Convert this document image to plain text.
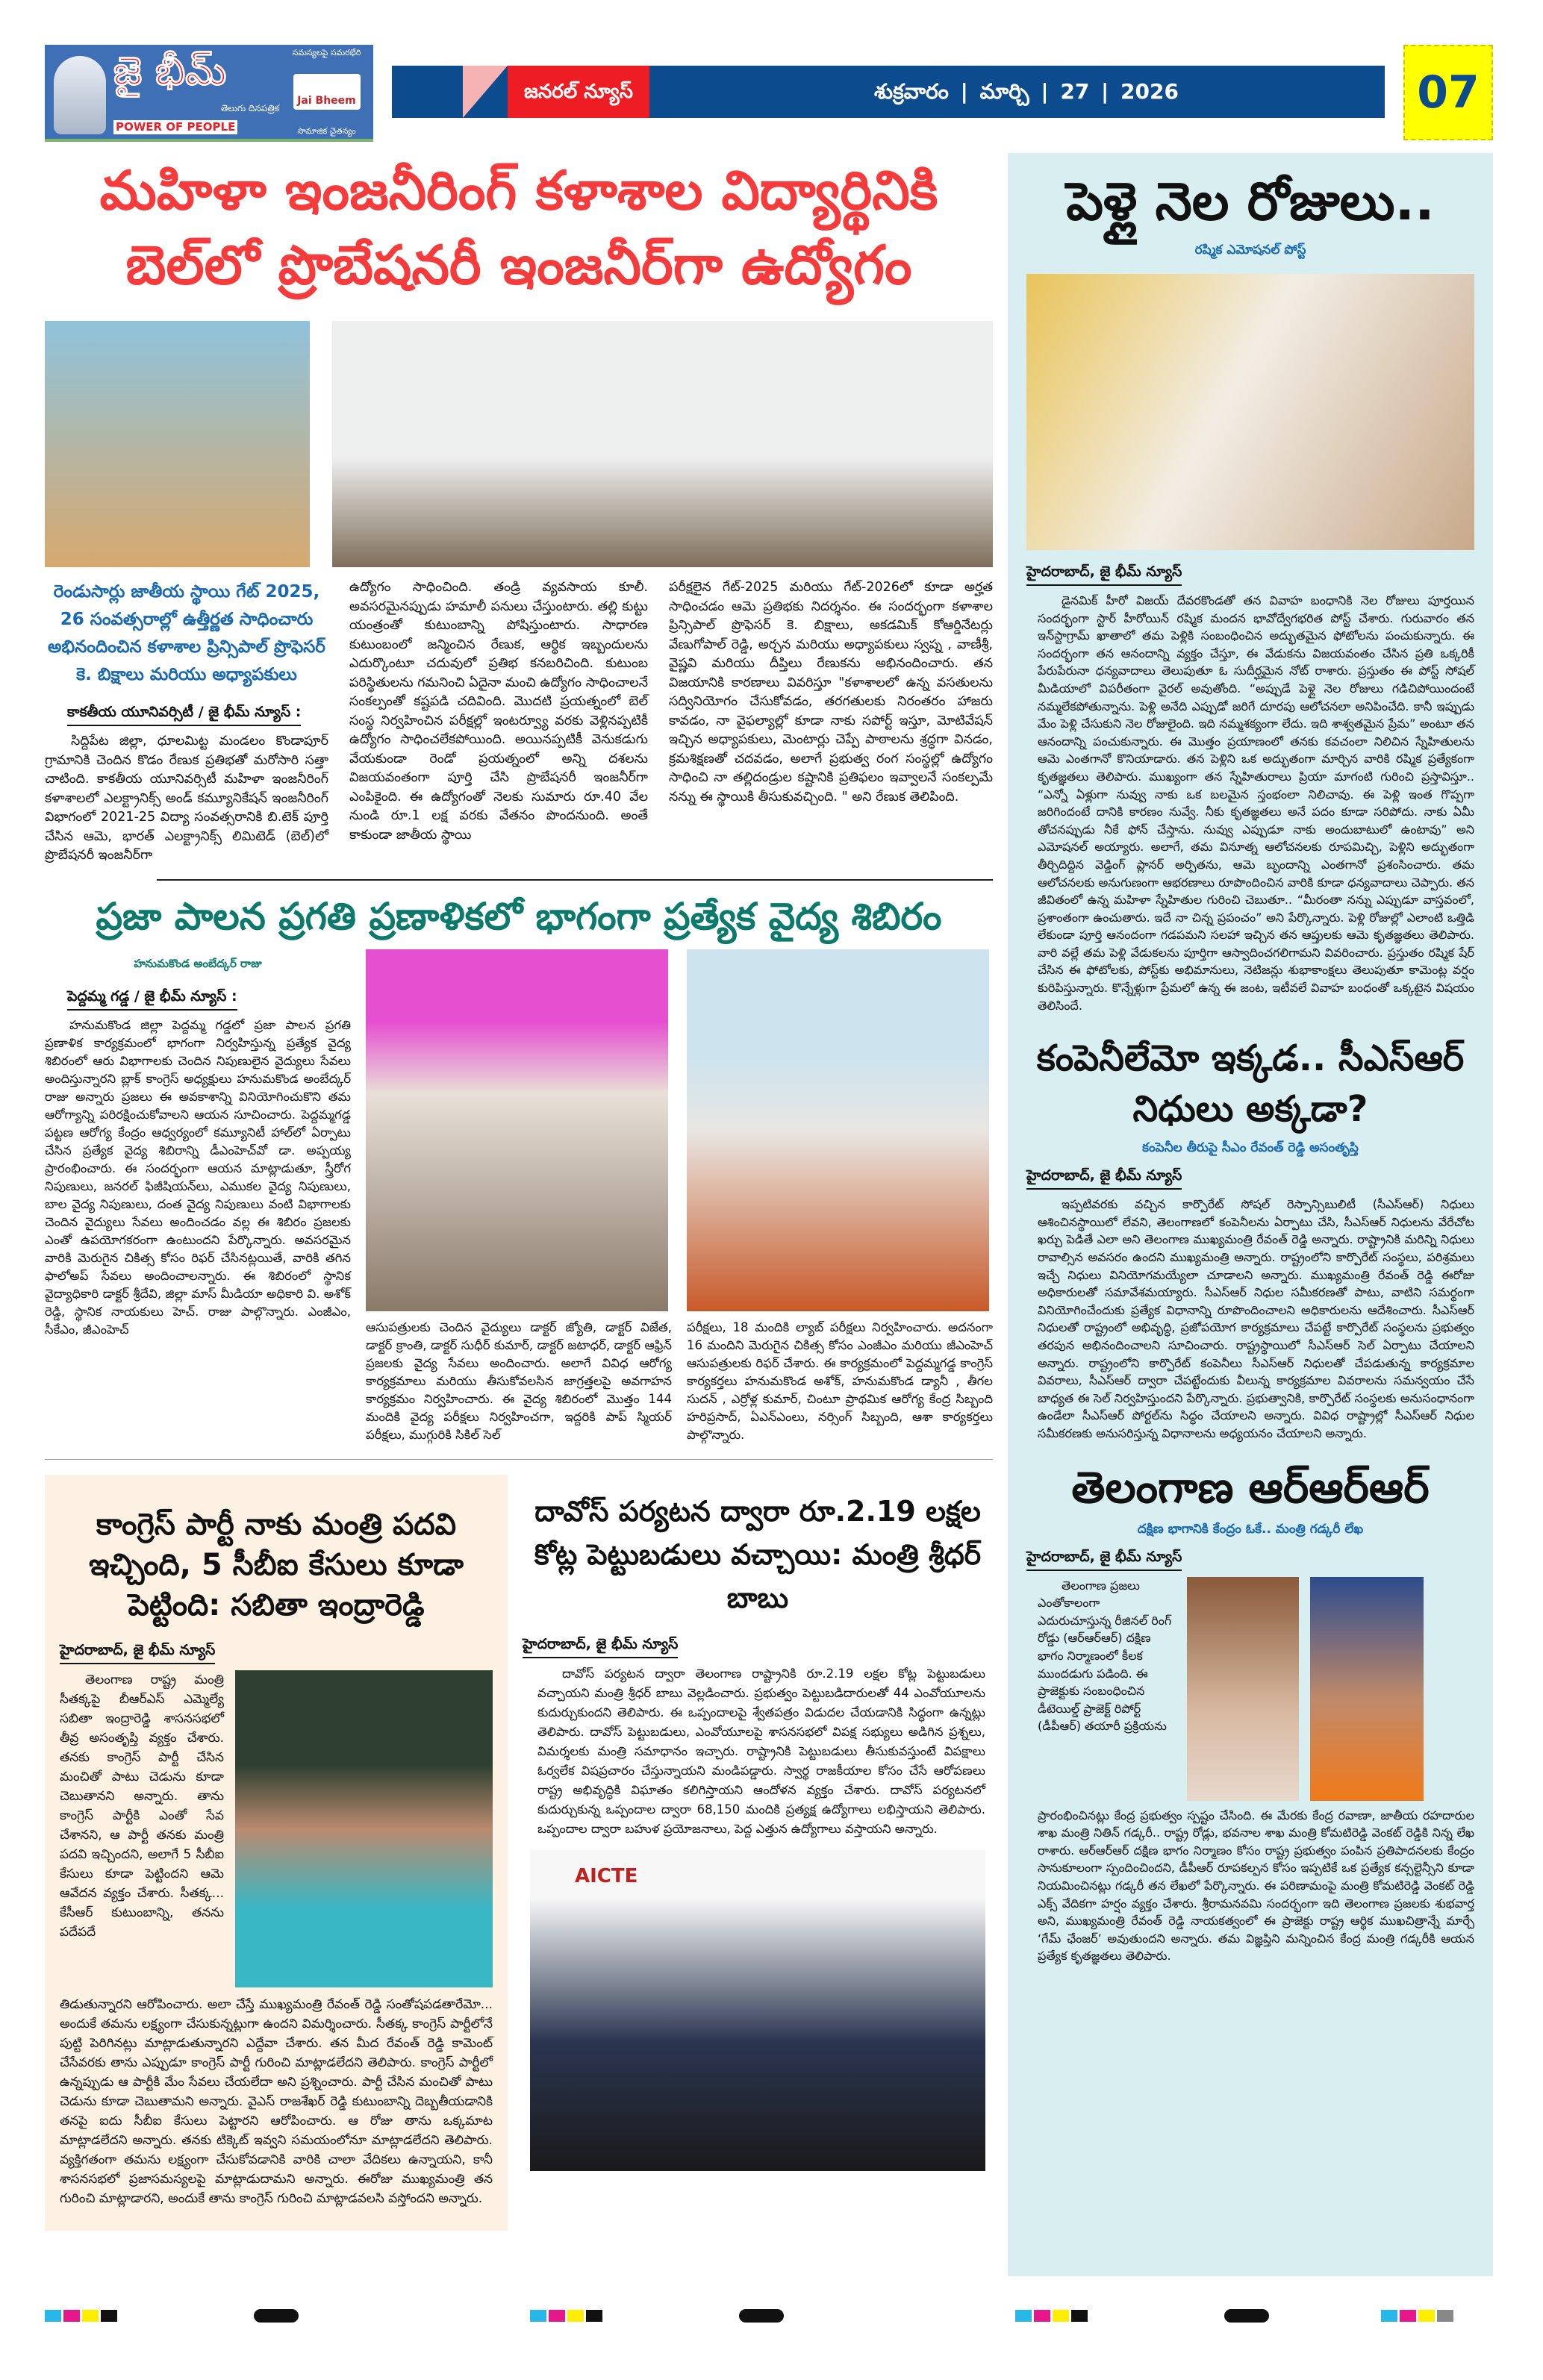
జై భీమ్
తెలుగు దినపత్రిక
POWER OF PEOPLE
సమస్యలపై సమరభేరి
Jai Bheem
సామాజిక చైతన్యం
జనరల్ న్యూస్	శుక్రవారం | మార్చి | 27 | 2026	07
మహిళా ఇంజనీరింగ్ కళాశాల విద్యార్థినికి
బెల్‌లో ప్రొబేషనరీ ఇంజనీర్‌గా ఉద్యోగం
రెండుసార్లు జాతీయ స్థాయి గేట్ 2025, 26 సంవత్సరాల్లో ఉత్తీర్ణత సాధించారు అభినందించిన కళాశాల ప్రిన్సిపాల్ ప్రొఫెసర్ కె. బిక్షాలు మరియు అధ్యాపకులు
కాకతీయ యూనివర్సిటీ / జై భీమ్ న్యూస్ :

సిద్దిపేట జిల్లా, ధూలమిట్ట మండలం కొండాపూర్ గ్రామానికి చెందిన కొడం రేణుక ప్రతిభతో మరోసారి సత్తా చాటింది. కాకతీయ యూనివర్సిటీ మహిళా ఇంజనీరింగ్ కళాశాలలో ఎలక్ట్రానిక్స్ అండ్ కమ్యూనికేషన్ ఇంజనీరింగ్ విభాగంలో 2021-25 విద్యా సంవత్సరానికి బి.టెక్ పూర్తి చేసిన ఆమె, భారత్ ఎలక్ట్రానిక్స్ లిమిటెడ్ (బెల్)లో ప్రొబేషనరీ ఇంజనీర్‌గా

ఉద్యోగం సాధించింది. తండ్రి వ్యవసాయ కూలీ. అవసరమైనప్పుడు హమాలీ పనులు చేస్తుంటారు. తల్లి కుట్టు యంత్రంతో కుటుంబాన్ని పోషిస్తుంటారు. సాధారణ కుటుంబంలో జన్మించిన రేణుక, ఆర్థిక ఇబ్బందులను ఎదుర్కొంటూ చదువులో ప్రతిభ కనబరిచింది. కుటుంబ పరిస్థితులను గమనించి ఏదైనా మంచి ఉద్యోగం సాధించాలనే సంకల్పంతో కష్టపడి చదివింది. మొదటి ప్రయత్నంలో బెల్ సంస్థ నిర్వహించిన పరీక్షల్లో ఇంటర్వ్యూ వరకు వెళ్లినప్పటికీ ఉద్యోగం సాధించలేకపోయింది. అయినప్పటికీ వెనుకడుగు వేయకుండా రెండో ప్రయత్నంలో అన్ని దశలను విజయవంతంగా పూర్తి చేసి ప్రొబేషనరీ ఇంజనీర్‌గా ఎంపికైంది. ఈ ఉద్యోగంతో నెలకు సుమారు రూ.40 వేల నుండి రూ.1 లక్ష వరకు వేతనం పొందనుంది. అంతే కాకుండా జాతీయ స్థాయి
పరీక్షలైన గేట్-2025 మరియు గేట్-2026లో కూడా అర్హత సాధించడం ఆమె ప్రతిభకు నిదర్శనం. ఈ సందర్భంగా కళాశాల ప్రిన్సిపాల్ ప్రొఫెసర్ కె. బిక్షాలు, అకడమిక్ కోఆర్డినేటర్లు వేణుగోపాల్ రెడ్డి, అర్చన మరియు అధ్యాపకులు స్వప్న , వాణీశ్రీ, వైష్ణవి మరియు దీప్తిలు రేణుకను అభినందించారు. తన విజయానికి కారణాలు వివరిస్తూ "కళాశాలలో ఉన్న వసతులను సద్వినియోగం చేసుకోవడం, తరగతులకు నిరంతరం హాజరు కావడం, నా వైఫల్యాల్లో కూడా నాకు సపోర్ట్ ఇస్తూ, మోటివేషన్ ఇచ్చిన అధ్యాపకులు, మెంటార్లు చెప్పే పాఠాలను శ్రద్ధగా వినడం, క్రమశిక్షణతో చదవడం, అలాగే ప్రభుత్వ రంగ సంస్థల్లో ఉద్యోగం సాధించి నా తల్లిదండ్రుల కష్టానికి ప్రతిఫలం ఇవ్వాలనే సంకల్పమే నన్ను ఈ స్థాయికి తీసుకువచ్చింది. " అని రేణుక తెలిపింది.
ప్రజా పాలన ప్రగతి ప్రణాళికలో భాగంగా ప్రత్యేక వైద్య శిబిరం
హనుమకొండ అంబేద్కర్ రాజు
పెద్దమ్మ గడ్డ / జై భీమ్ న్యూస్ :

హనుమకొండ జిల్లా పెద్దమ్మ గడ్డలో ప్రజా పాలన ప్రగతి ప్రణాళిక కార్యక్రమంలో భాగంగా నిర్వహిస్తున్న ప్రత్యేక వైద్య శిబిరంలో ఆరు విభాగాలకు చెందిన నిపుణులైన వైద్యులు సేవలు అందిస్తున్నారని బ్లాక్ కాంగ్రెస్ అధ్యక్షులు హనుమకొండ అంబేద్కర్ రాజు అన్నారు ప్రజలు ఈ అవకాశాన్ని వినియోగించుకొని తమ ఆరోగ్యాన్ని పరిరక్షించుకోవాలని ఆయన సూచించారు. పెద్దమ్మగడ్డ పట్టణ ఆరోగ్య కేంద్రం ఆధ్వర్యంలో కమ్యూనిటీ హాల్‌లో ఏర్పాటు చేసిన ప్రత్యేక వైద్య శిబిరాన్ని డీఎంహెచ్‌వో డా. అప్పయ్య ప్రారంభించారు. ఈ సందర్భంగా ఆయన మాట్లాడుతూ, స్త్రీరోగ నిపుణులు, జనరల్ ఫిజీషియన్‌లు, ఎముకల వైద్య నిపుణులు, బాల వైద్య నిపుణులు, దంత వైద్య నిపుణులు వంటి విభాగాలకు చెందిన వైద్యులు సేవలు అందించడం వల్ల ఈ శిబిరం ప్రజలకు ఎంతో ఉపయోగకరంగా ఉంటుందని పేర్కొన్నారు. అవసరమైన వారికి మెరుగైన చికిత్స కోసం రిఫర్ చేసినట్లయితే, వారికి తగిన ఫాలోఅప్ సేవలు అందించాలన్నారు. ఈ శిబిరంలో స్థానిక వైద్యాధికారి డాక్టర్ శ్రీదేవి, జిల్లా మాస్ మీడియా అధికారి వి. అశోక్ రెడ్డి, స్థానిక నాయకులు హెచ్. రాజు పాల్గొన్నారు. ఎంజీఎం, సీకేఎం, జీఎంహెచ్	ఆసుపత్రులకు చెందిన వైద్యులు డాక్టర్ జ్యోతి, డాక్టర్ విజేత, డాక్టర్ క్రాంతి, డాక్టర్ సుధీర్ కుమార్, డాక్టర్ జటాధర్, డాక్టర్ ఆఫ్రిన్ ప్రజలకు వైద్య సేవలు అందించారు. అలాగే వివిధ ఆరోగ్య కార్యక్రమాలు మరియు తీసుకోవలసిన జాగ్రత్తలపై అవగాహన కార్యక్రమం నిర్వహించారు. ఈ వైద్య శిబిరంలో మొత్తం 144 మందికి వైద్య పరీక్షలు నిర్వహించగా, ఇద్దరికి పాప్ స్మియర్ పరీక్షలు, ముగ్గురికి సికిల్ సెల్
పరీక్షలు, 18 మందికి ల్యాబ్ పరీక్షలు నిర్వహించారు. అదనంగా 16 మందిని మెరుగైన చికిత్స కోసం ఎంజీఎం మరియు జీఎంహెచ్ ఆసుపత్రులకు రిఫర్ చేశారు. ఈ కార్యక్రమంలో పెద్దమ్మగడ్డ కాంగ్రెస్ కార్యకర్తలు హనుమకొండ అశోక్, హనుమకొండ డ్యానీ , తీగల సుదన్ , ఎర్రోళ్ల కుమార్, చింటూ ప్రాథమిక ఆరోగ్య కేంద్ర సిబ్బంది హరిప్రసాద్, ఏఎన్‌ఎంలు, నర్సింగ్ సిబ్బంది, ఆశా కార్యకర్తలు పాల్గొన్నారు.
కాంగ్రెస్ పార్టీ నాకు మంత్రి పదవి ఇచ్చింది, 5 సీబీఐ కేసులు కూడా పెట్టింది: సబితా ఇంద్రారెడ్డి
హైదరాబాద్, జై భీమ్ న్యూస్

తెలంగాణ రాష్ట్ర మంత్రి సీతక్కపై బీఆర్‌ఎస్ ఎమ్మెల్యే సబితా ఇంద్రారెడ్డి శాసనసభలో తీవ్ర అసంతృప్తి వ్యక్తం చేశారు. తనకు కాంగ్రెస్ పార్టీ చేసిన మంచితో పాటు చెడును కూడా చెబుతానని అన్నారు. తాను కాంగ్రెస్ పార్టీకి ఎంతో సేవ చేశానని, ఆ పార్టీ తనకు మంత్రి పదవి ఇచ్చిందని, అలాగే 5 సీబీఐ కేసులు కూడా పెట్టిందని ఆమె ఆవేదన వ్యక్తం చేశారు. సీతక్క... కేసీఆర్ కుటుంబాన్ని, తనను పదేపదే

తిడుతున్నారని ఆరోపించారు. అలా చేస్తే ముఖ్యమంత్రి రేవంత్ రెడ్డి సంతోషపడతారేమో... అందుకే తమను లక్ష్యంగా చేసుకున్నట్లుగా ఉందని విమర్శించారు. సీతక్క కాంగ్రెస్ పార్టీలోనే పుట్టి పెరిగినట్లు మాట్లాడుతున్నారని ఎద్దేవా చేశారు. తన మీద రేవంత్ రెడ్డి కామెంట్ చేసేవరకు తాను ఎప్పుడూ కాంగ్రెస్ పార్టీ గురించి మాట్లాడలేదని తెలిపారు. కాంగ్రెస్ పార్టీలో ఉన్నప్పుడు ఆ పార్టీకి మేం సేవలు చేయలేదా అని ప్రశ్నించారు. పార్టీ చేసిన మంచితో పాటు చెడును కూడా చెబుతామని అన్నారు. వైఎస్ రాజశేఖర్ రెడ్డి కుటుంబాన్ని దెబ్బతీయడానికి తనపై ఐదు సీబీఐ కేసులు పెట్టారని ఆరోపించారు. ఆ రోజు తాను ఒక్కమాట మాట్లాడలేదని అన్నారు. తనకు టిక్కెట్ ఇవ్వని సమయంలోనూ మాట్లాడలేదని తెలిపారు. వ్యక్తిగతంగా తమను లక్ష్యంగా చేసుకోవడానికి వారికి చాలా వేదికలు ఉన్నాయని, కానీ శాసనసభలో ప్రజాసమస్యలపై మాట్లాడుదామని అన్నారు. ఈరోజు ముఖ్యమంత్రి తన గురించి మాట్లాడారని, అందుకే తాను కాంగ్రెస్ గురించి మాట్లాడవలసి వస్తోందని అన్నారు.
దావోస్ పర్యటన ద్వారా రూ.2.19 లక్షల కోట్ల పెట్టుబడులు వచ్చాయి: మంత్రి శ్రీధర్ బాబు
హైదరాబాద్, జై భీమ్ న్యూస్

దావోస్ పర్యటన ద్వారా తెలంగాణ రాష్ట్రానికి రూ.2.19 లక్షల కోట్ల పెట్టుబడులు వచ్చాయని మంత్రి శ్రీధర్ బాబు వెల్లడించారు. ప్రభుత్వం పెట్టుబడిదారులతో 44 ఎంవోయూలను కుదుర్చుకుందని తెలిపారు. ఈ ఒప్పందాలపై శ్వేతపత్రం విడుదల చేయడానికి సిద్ధంగా ఉన్నట్లు తెలిపారు. దావోస్ పెట్టుబడులు, ఎంవోయూలపై శాసనసభలో విపక్ష సభ్యులు అడిగిన ప్రశ్నలు, విమర్శలకు మంత్రి సమాధానం ఇచ్చారు. రాష్ట్రానికి పెట్టుబడులు తీసుకువస్తుంటే విపక్షాలు ఓర్వలేక విషప్రచారం చేస్తున్నాయని మండిపడ్డారు. స్వార్థ రాజకీయాల కోసం చేసే ఆరోపణలు రాష్ట్ర అభివృద్ధికి విఘాతం కలిగిస్తాయని ఆందోళన వ్యక్తం చేశారు. దావోస్ పర్యటనలో కుదుర్చుకున్న ఒప్పందాల ద్వారా 68,150 మందికి ప్రత్యక్ష ఉద్యోగాలు లభిస్తాయని తెలిపారు. ఒప్పందాల ద్వారా బహుళ ప్రయోజనాలు, పెద్ద ఎత్తున ఉద్యోగాలు వస్తాయని అన్నారు.

AICTE
పెళ్లై నెల రోజులు..
రష్మిక ఎమోషనల్ పోస్ట్
హైదరాబాద్, జై భీమ్ న్యూస్

డైనమిక్ హీరో విజయ్ దేవరకొండతో తన వివాహ బంధానికి నెల రోజులు పూర్తయిన సందర్భంగా స్టార్ హీరోయిన్ రష్మిక మందన భావోద్వేగభరిత పోస్ట్ చేశారు. గురువారం తన ఇన్‌స్టాగ్రామ్ ఖాతాలో తమ పెళ్లికి సంబంధించిన అద్భుతమైన ఫోటోలను పంచుకున్నారు. ఈ సందర్భంగా తన ఆనందాన్ని వ్యక్తం చేస్తూ, ఈ వేడుకను విజయవంతం చేసిన ప్రతి ఒక్కరికీ పేరుపేరునా ధన్యవాదాలు తెలుపుతూ ఓ సుదీర్ఘమైన నోట్ రాశారు. ప్రస్తుతం ఈ పోస్ట్ సోషల్ మీడియాలో విపరీతంగా వైరల్ అవుతోంది. “అప్పుడే పెళ్లై నెల రోజులు గడిచిపోయిందంటే నమ్మలేకపోతున్నాను. పెళ్లి అనేది ఎప్పుడో జరిగే దూరపు ఆలోచనలా అనిపించేది. కానీ ఇప్పుడు మేం పెళ్లి చేసుకుని నెల రోజులైంది. ఇది నమ్మశక్యంగా లేదు. ఇది శాశ్వతమైన ప్రేమ” అంటూ తన ఆనందాన్ని పంచుకున్నారు. ఈ మొత్తం ప్రయాణంలో తనకు కవచంలా నిలిచిన స్నేహితులను ఆమె ఎంతగానో కొనియాడారు. తన పెళ్లిని ఒక అద్భుతంగా మార్చిన వారికి రష్మిక ప్రత్యేకంగా కృతజ్ఞతలు తెలిపారు. ముఖ్యంగా తన స్నేహితురాలు ప్రియా మాగంటి గురించి ప్రస్తావిస్తూ.. “ఎన్నో ఏళ్లుగా నువ్వు నాకు ఒక బలమైన స్తంభంలా నిలిచావు. ఈ పెళ్లి ఇంత గొప్పగా జరిగిందంటే దానికి కారణం నువ్వే. నీకు కృతజ్ఞతలు అనే పదం కూడా సరిపోదు. నాకు ఏమీ తోచనప్పుడు నీకే ఫోన్ చేస్తాను. నువ్వు ఎప్పుడూ నాకు అందుబాటులో ఉంటావు” అని ఎమోషనల్ అయ్యారు. అలాగే, తమ వినూత్న ఆలోచనలకు రూపమిచ్చి, పెళ్లిని అద్భుతంగా తీర్చిదిద్దిన వెడ్డింగ్ ప్లానర్ అర్పితను, ఆమె బృందాన్ని ఎంతగానో ప్రశంసించారు. తమ ఆలోచనలకు అనుగుణంగా ఆభరణాలు రూపొందించిన వారికి కూడా ధన్యవాదాలు చెప్పారు. తన జీవితంలో ఉన్న మహిళా స్నేహితుల గురించి చెబుతూ.. “మీరంతా నన్ను ఎప్పుడూ వాస్తవంలో, ప్రశాంతంగా ఉంచుతారు. ఇదే నా చిన్న ప్రపంచం” అని పేర్కొన్నారు. పెళ్లి రోజుల్లో ఎలాంటి ఒత్తిడి లేకుండా పూర్తి ఆనందంగా గడపమని సలహా ఇచ్చిన తన ఆప్తులకు ఆమె కృతజ్ఞతలు తెలిపారు. వారి వల్లే తమ పెళ్లి వేడుకలను పూర్తిగా ఆస్వాదించగలిగామని వివరించారు. ప్రస్తుతం రష్మిక షేర్ చేసిన ఈ ఫోటోలకు, పోస్ట్‌కు అభిమానులు, నెటిజన్లు శుభాకాంక్షలు తెలుపుతూ కామెంట్ల వర్షం కురిపిస్తున్నారు. కొన్నేళ్లుగా ప్రేమలో ఉన్న ఈ జంట, ఇటీవలే వివాహ బంధంతో ఒక్కటైన విషయం తెలిసిందే.

కంపెనీలేమో ఇక్కడ.. సీఎస్ఆర్ నిధులు అక్కడా?
కంపెనీల తీరుపై సీఎం రేవంత్ రెడ్డి అసంతృప్తి
హైదరాబాద్, జై భీమ్ న్యూస్

ఇప్పటివరకు వచ్చిన కార్పొరేట్ సోషల్ రెస్పాన్సిబులిటీ (సీఎస్ఆర్) నిధులు ఆశించినస్థాయిలో లేవని, తెలంగాణలో కంపెనీలను ఏర్పాటు చేసి, సీఎస్ఆర్ నిధులను వేరేచోట ఖర్చు పెడితే ఎలా అని తెలంగాణ ముఖ్యమంత్రి రేవంత్ రెడ్డి అన్నారు. రాష్ట్రానికి మరిన్ని నిధులు రావాల్సిన అవసరం ఉందని ముఖ్యమంత్రి అన్నారు. రాష్ట్రంలోని కార్పొరేట్ సంస్థలు, పరిశ్రమలు ఇచ్చే నిధులు వినియోగమయ్యేలా చూడాలని అన్నారు. ముఖ్యమంత్రి రేవంత్ రెడ్డి ఈరోజు అధికారులతో సమావేశమయ్యారు. సీఎస్ఆర్ నిధుల సమీకరణతో పాటు, వాటిని సమర్థంగా వినియోగించేందుకు ప్రత్యేక విధానాన్ని రూపొందించాలని అధికారులను ఆదేశించారు. సీఎస్ఆర్ నిధులతో రాష్ట్రంలో అభివృద్ధి, ప్రజోపయోగ కార్యక్రమాలు చేపట్టే కార్పొరేట్ సంస్థలను ప్రభుత్వం తరపున అభినందించాలని సూచించారు. రాష్ట్రస్థాయిలో సీఎస్ఆర్ సెల్ ఏర్పాటు చేయాలని అన్నారు. రాష్ట్రంలోని కార్పొరేట్ కంపెనీలు సీఎస్ఆర్ నిధులతో చేపడుతున్న కార్యక్రమాల వివరాలు, సీఎస్ఆర్ ద్వారా చేపట్టేందుకు వీలున్న కార్యక్రమాల వివరాలను సమన్వయం చేసే బాధ్యత ఈ సెల్ నిర్వహిస్తుందని పేర్కొన్నారు. ప్రభుత్వానికి, కార్పొరేట్ సంస్థలకు అనుసంధానంగా ఉండేలా సీఎస్ఆర్ పోర్టల్‌ను సిద్ధం చేయాలని అన్నారు. వివిధ రాష్ట్రాల్లో సీఎస్ఆర్ నిధుల సమీకరణకు అనుసరిస్తున్న విధానాలను అధ్యయనం చేయాలని అన్నారు.

తెలంగాణ ఆర్ఆర్ఆర్
దక్షిణ భాగానికి కేంద్రం ఓకే.. మంత్రి గడ్కరీ లేఖ
హైదరాబాద్, జై భీమ్ న్యూస్

తెలంగాణ ప్రజలు ఎంతోకాలంగా ఎదురుచూస్తున్న రీజినల్ రింగ్ రోడ్డు (ఆర్ఆర్ఆర్) దక్షిణ భాగం నిర్మాణంలో కీలక ముందడుగు పడింది. ఈ ప్రాజెక్టుకు సంబంధించిన డీటెయిల్డ్ ప్రాజెక్ట్ రిపోర్ట్ (డీపీఆర్) తయారీ ప్రక్రియను

ప్రారంభించినట్లు కేంద్ర ప్రభుత్వం స్పష్టం చేసింది. ఈ మేరకు కేంద్ర రవాణా, జాతీయ రహదారుల శాఖ మంత్రి నితిన్ గడ్కరీ.. రాష్ట్ర రోడ్లు, భవనాల శాఖ మంత్రి కోమటిరెడ్డి వెంకట్ రెడ్డికి నిన్న లేఖ రాశారు. ఆర్ఆర్ఆర్ దక్షిణ భాగం నిర్మాణం కోసం రాష్ట్ర ప్రభుత్వం పంపిన ప్రతిపాదనలకు కేంద్రం సానుకూలంగా స్పందించిందని, డీపీఆర్ రూపకల్పన కోసం ఇప్పటికే ఒక ప్రత్యేక కన్సల్టెన్సీని కూడా నియమించినట్లు గడ్కరీ తన లేఖలో పేర్కొన్నారు. ఈ పరిణామంపై మంత్రి కోమటిరెడ్డి వెంకట్ రెడ్డి ఎక్స్ వేదికగా హర్షం వ్యక్తం చేశారు. శ్రీరామనవమి సందర్భంగా ఇది తెలంగాణ ప్రజలకు శుభవార్త అని, ముఖ్యమంత్రి రేవంత్ రెడ్డి నాయకత్వంలో ఈ ప్రాజెక్టు రాష్ట్ర ఆర్థిక ముఖచిత్రాన్నే మార్చే ‘గేమ్ ఛేంజర్’ అవుతుందని అన్నారు. తమ విజ్ఞప్తిని మన్నించిన కేంద్ర మంత్రి గడ్కరీకి ఆయన ప్రత్యేక కృతజ్ఞతలు తెలిపారు.
